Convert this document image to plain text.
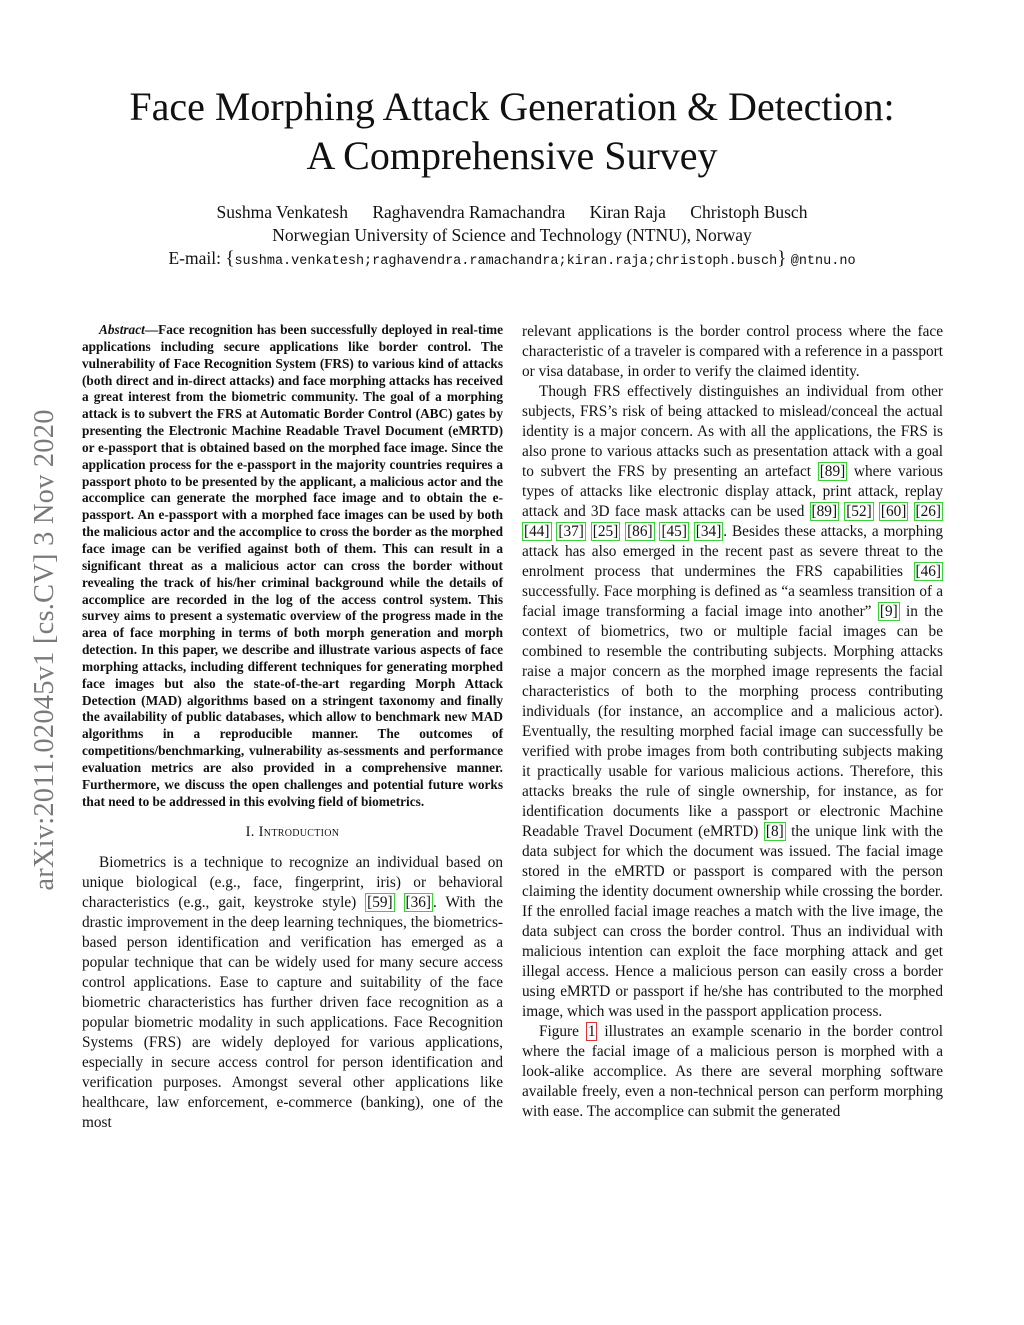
arXiv:2011.02045v1 [cs.CV] 3 Nov 2020
Face Morphing Attack Generation & Detection:
A Comprehensive Survey
Sushma Venkatesh Raghavendra Ramachandra Kiran Raja Christoph Busch
Norwegian University of Science and Technology (NTNU), Norway
E-mail: {sushma.venkatesh;raghavendra.ramachandra;kiran.raja;christoph.busch} @ntnu.no

Abstract—Face recognition has been successfully deployed in real-time applications including secure applications like border control. The vulnerability of Face Recognition System (FRS) to various kind of attacks (both direct and in-direct attacks) and face morphing attacks has received a great interest from the biometric community. The goal of a morphing attack is to subvert the FRS at Automatic Border Control (ABC) gates by presenting the Electronic Machine Readable Travel Document (eMRTD) or e-passport that is obtained based on the morphed face image. Since the application process for the e-passport in the majority countries requires a passport photo to be presented by the applicant, a malicious actor and the accomplice can generate the morphed face image and to obtain the e-passport. An e-passport with a morphed face images can be used by both the malicious actor and the accomplice to cross the border as the morphed face image can be verified against both of them. This can result in a significant threat as a malicious actor can cross the border without revealing the track of his/her criminal background while the details of accomplice are recorded in the log of the access control system. This survey aims to present a systematic overview of the progress made in the area of face morphing in terms of both morph generation and morph detection. In this paper, we describe and illustrate various aspects of face morphing attacks, including different techniques for generating morphed face images but also the state-of-the-art regarding Morph Attack Detection (MAD) algorithms based on a stringent taxonomy and finally the availability of public databases, which allow to benchmark new MAD algorithms in a reproducible manner. The outcomes of competitions/benchmarking, vulnerability as-sessments and performance evaluation metrics are also provided in a comprehensive manner. Furthermore, we discuss the open challenges and potential future works that need to be addressed in this evolving field of biometrics.

I. Introduction

Biometrics is a technique to recognize an individual based on unique biological (e.g., face, fingerprint, iris) or behavioral characteristics (e.g., gait, keystroke style) [59] [36] . With the drastic improvement in the deep learning techniques, the biometrics-based person identification and verification has emerged as a popular technique that can be widely used for many secure access control applications. Ease to capture and suitability of the face biometric characteristics has further driven face recognition as a popular biometric modality in such applications. Face Recognition Systems (FRS) are widely deployed for various applications, especially in secure access control for person identification and verification purposes. Amongst several other applications like healthcare, law enforcement, e-commerce (banking), one of the most

relevant applications is the border control process where the face characteristic of a traveler is compared with a reference in a passport or visa database, in order to verify the claimed identity.

Though FRS effectively distinguishes an individual from other subjects, FRS’s risk of being attacked to mislead/conceal the actual identity is a major concern. As with all the applications, the FRS is also prone to various attacks such as presentation attack with a goal to subvert the FRS by presenting an artefact [89] where various types of attacks like electronic display attack, print attack, replay attack and 3D face mask attacks can be used [89] [52] [60] [26] [44] [37] [25] [86] [45] [34] . Besides these attacks, a morphing attack has also emerged in the recent past as severe threat to the enrolment process that undermines the FRS capabilities [46] successfully. Face morphing is defined as “a seamless transition of a facial image transforming a facial image into another” [9] in the context of biometrics, two or multiple facial images can be combined to resemble the contributing subjects. Morphing attacks raise a major concern as the morphed image represents the facial characteristics of both to the morphing process contributing individuals (for instance, an accomplice and a malicious actor). Eventually, the resulting morphed facial image can successfully be verified with probe images from both contributing subjects making it practically usable for various malicious actions. Therefore, this attacks breaks the rule of single ownership, for instance, as for identification documents like a passport or electronic Machine Readable Travel Document (eMRTD) [8] the unique link with the data subject for which the document was issued. The facial image stored in the eMRTD or passport is compared with the person claiming the identity document ownership while crossing the border. If the enrolled facial image reaches a match with the live image, the data subject can cross the border control. Thus an individual with malicious intention can exploit the face morphing attack and get illegal access. Hence a malicious person can easily cross a border using eMRTD or passport if he/she has contributed to the morphed image, which was used in the passport application process.

Figure 1 illustrates an example scenario in the border control where the facial image of a malicious person is morphed with a look-alike accomplice. As there are several morphing software available freely, even a non-technical person can perform morphing with ease. The accomplice can submit the generated
